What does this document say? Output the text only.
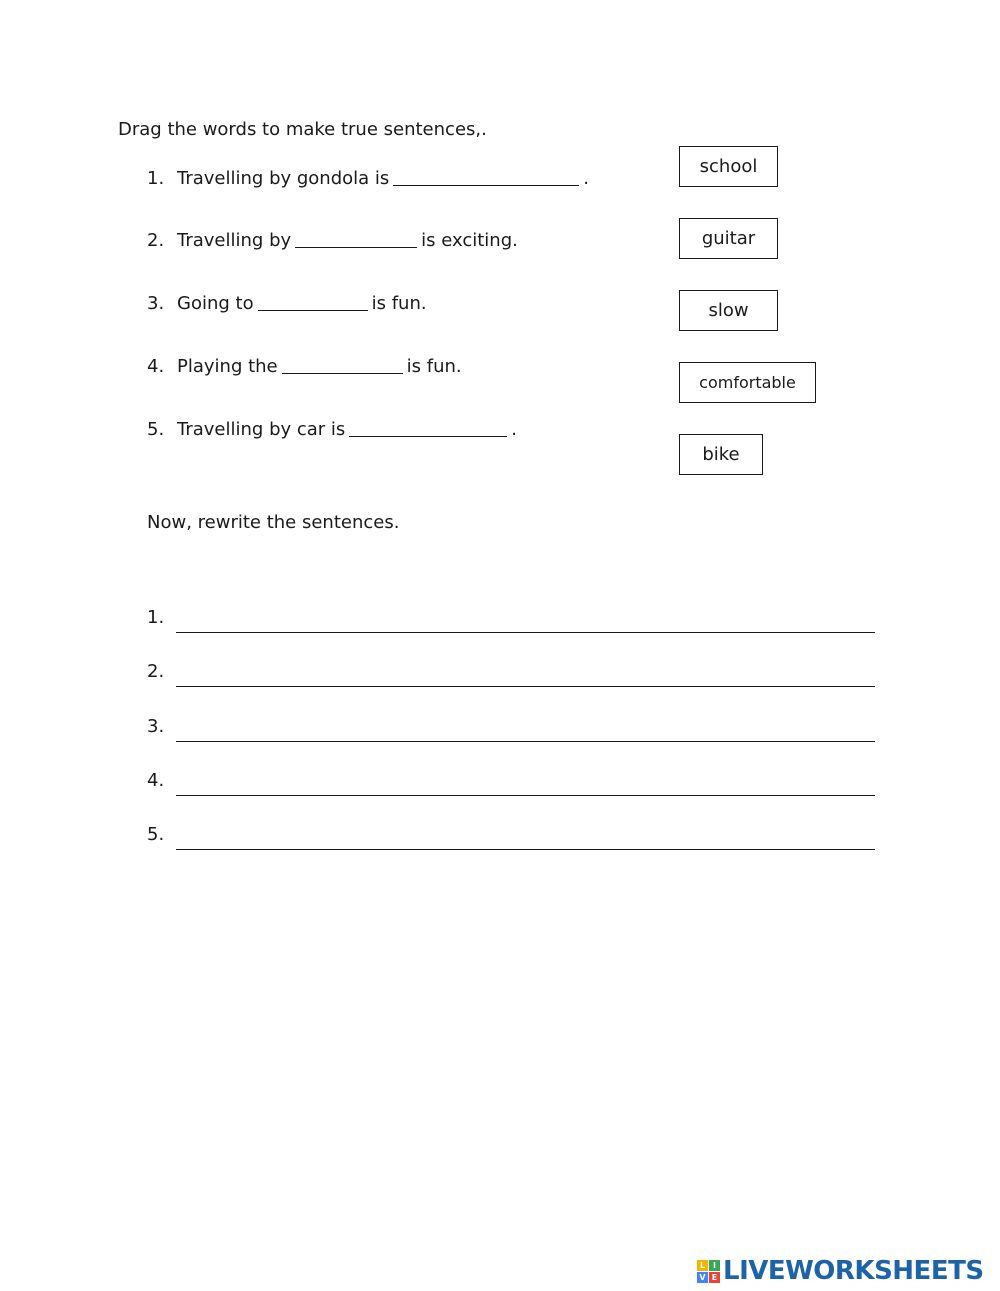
Drag the words to make true sentences,.
1. Travelling by gondola is	.
2. Travelling by	is exciting.
3. Going to	is fun.
4. Playing the	is fun.
5. Travelling by car is	.
school
guitar
slow
comfortable
bike
Now, rewrite the sentences.
1.
2.
3.
4.
5.
L I
V E LIVEWORKSHEETS
